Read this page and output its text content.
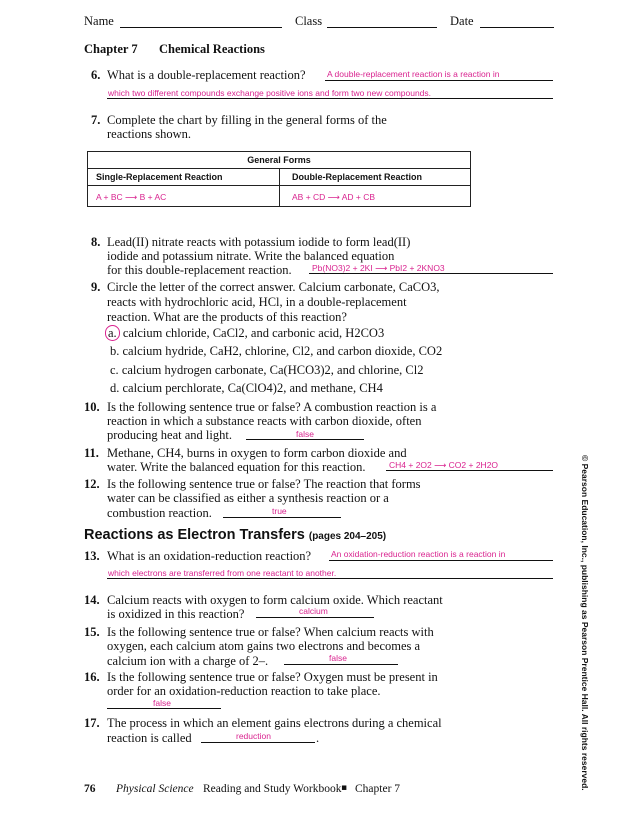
Name	Class	Date
Chapter 7 Chemical Reactions
6. What is a double-replacement reaction?	A double-replacement reaction is a reaction in
which two different compounds exchange positive ions and form two new compounds.
7. Complete the chart by filling in the general forms of the
reactions shown.
General Forms	
Single-Replacement Reaction	Double-Replacement Reaction
A + BC ⟶ B + AC	AB + CD ⟶ AD + CB
8. Lead(II) nitrate reacts with potassium iodide to form lead(II)
iodide and potassium nitrate. Write the balanced equation
for this double-replacement reaction. Pb(NO3)2 + 2KI ⟶ PbI2 + 2KNO3
9. Circle the letter of the correct answer. Calcium carbonate, CaCO3,
reacts with hydrochloric acid, HCl, in a double-replacement
reaction. What are the products of this reaction?
a. calcium chloride, CaCl2, and carbonic acid, H2CO3
b. calcium hydride, CaH2, chlorine, Cl2, and carbon dioxide, CO2
c. calcium hydrogen carbonate, Ca(HCO3)2, and chlorine, Cl2
d. calcium perchlorate, Ca(ClO4)2, and methane, CH4
10. Is the following sentence true or false? A combustion reaction is a
reaction in which a substance reacts with carbon dioxide, often
producing heat and light.	false
11. Methane, CH4, burns in oxygen to form carbon dioxide and
water. Write the balanced equation for this reaction.	CH4 + 2O2 ⟶ CO2 + 2H2O
12. Is the following sentence true or false? The reaction that forms
water can be classified as either a synthesis reaction or a
combustion reaction.	true
Reactions as Electron Transfers (pages 204–205)
13. What is an oxidation-reduction reaction? An oxidation-reduction reaction is a reaction in
which electrons are transferred from one reactant to another.
14. Calcium reacts with oxygen to form calcium oxide. Which reactant
is oxidized in this reaction?	calcium
15. Is the following sentence true or false? When calcium reacts with
oxygen, each calcium atom gains two electrons and becomes a
calcium ion with a charge of 2–.	false
16. Is the following sentence true or false? Oxygen must be present in
order for an oxidation-reduction reaction to take place.
false
17. The process in which an element gains electrons during a chemical
reaction is called	reduction	.	© Pearson Education, Inc., publishing as Pearson Prentice Hall. All rights reserved.
76 Physical Science Reading and Study Workbook ▪ Chapter 7
